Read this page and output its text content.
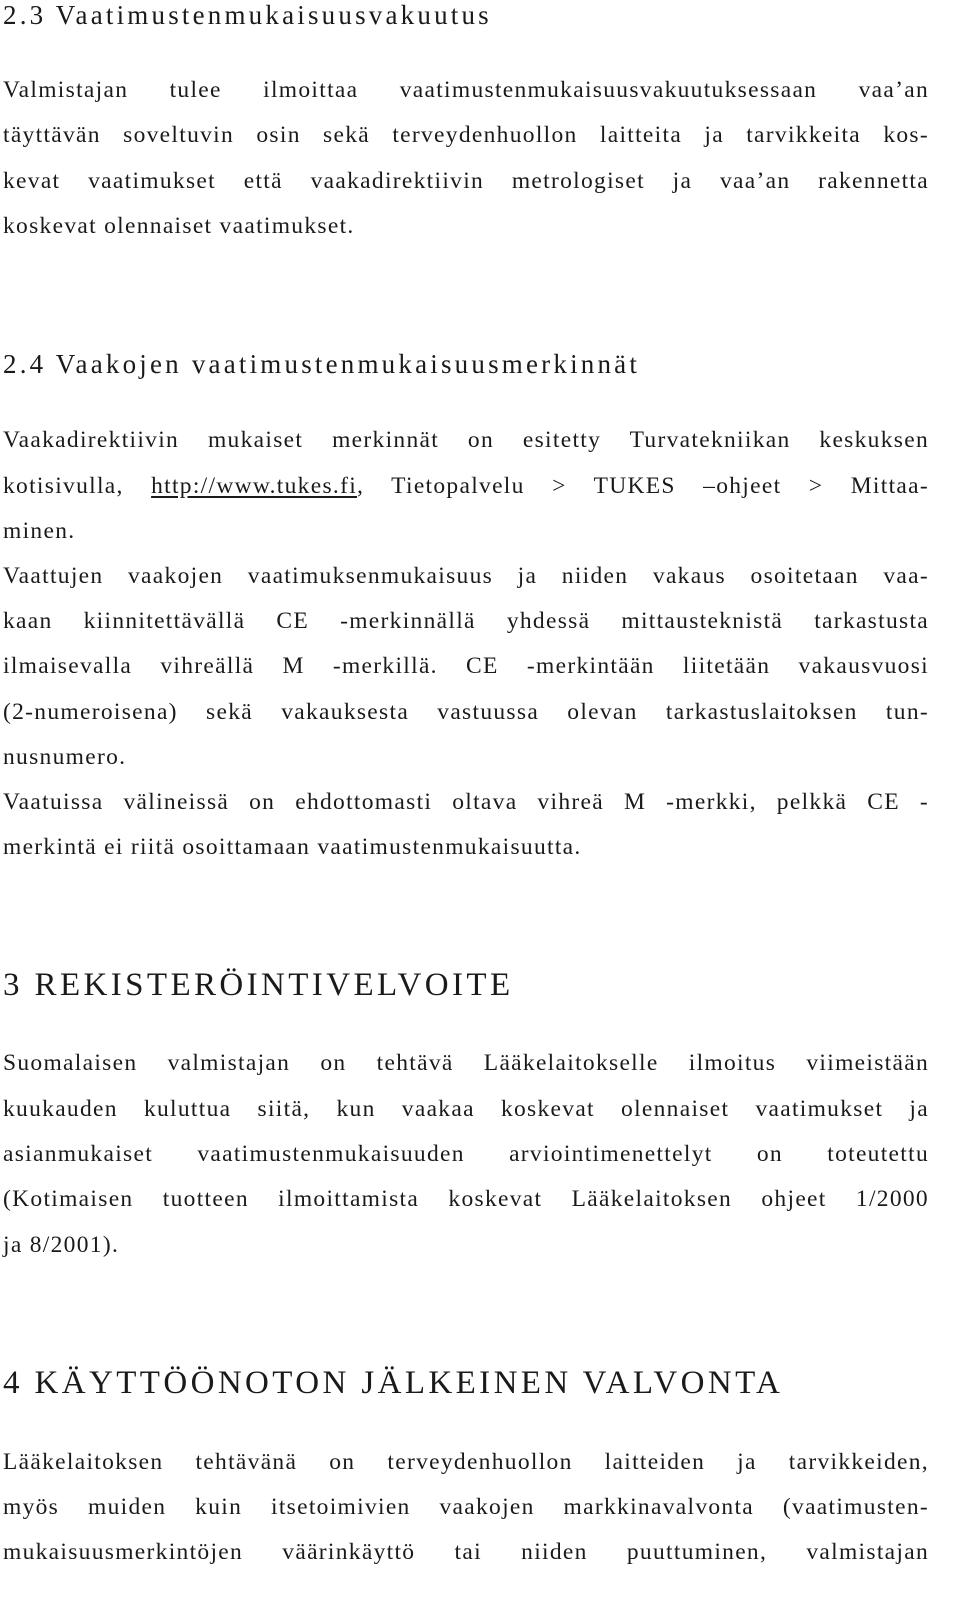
2.3 Vaatimustenmukaisuusvakuutus
Valmistajan tulee ilmoittaa vaatimustenmukaisuusvakuutuksessaan vaa’an
täyttävän soveltuvin osin sekä terveydenhuollon laitteita ja tarvikkeita kos-
kevat vaatimukset että vaakadirektiivin metrologiset ja vaa’an rakennetta
koskevat olennaiset vaatimukset.
2.4 Vaakojen vaatimustenmukaisuusmerkinnät
Vaakadirektiivin mukaiset merkinnät on esitetty Turvatekniikan keskuksen
kotisivulla, http://www.tukes.fi, Tietopalvelu > TUKES –ohjeet > Mittaa-
minen.
Vaattujen vaakojen vaatimuksenmukaisuus ja niiden vakaus osoitetaan vaa-
kaan kiinnitettävällä CE -merkinnällä yhdessä mittausteknistä tarkastusta
ilmaisevalla vihreällä M -merkillä. CE -merkintään liitetään vakausvuosi
(2-numeroisena) sekä vakauksesta vastuussa olevan tarkastuslaitoksen tun-
nusnumero.
Vaatuissa välineissä on ehdottomasti oltava vihreä M -merkki, pelkkä CE -
merkintä ei riitä osoittamaan vaatimustenmukaisuutta.
3 REKISTERÖINTIVELVOITE
Suomalaisen valmistajan on tehtävä Lääkelaitokselle ilmoitus viimeistään
kuukauden kuluttua siitä, kun vaakaa koskevat olennaiset vaatimukset ja
asianmukaiset vaatimustenmukaisuuden arviointimenettelyt on toteutettu
(Kotimaisen tuotteen ilmoittamista koskevat Lääkelaitoksen ohjeet 1/2000
ja 8/2001).
4 KÄYTTÖÖNOTON JÄLKEINEN VALVONTA
Lääkelaitoksen tehtävänä on terveydenhuollon laitteiden ja tarvikkeiden,
myös muiden kuin itsetoimivien vaakojen markkinavalvonta (vaatimusten-
mukaisuusmerkintöjen väärinkäyttö tai niiden puuttuminen, valmistajan
